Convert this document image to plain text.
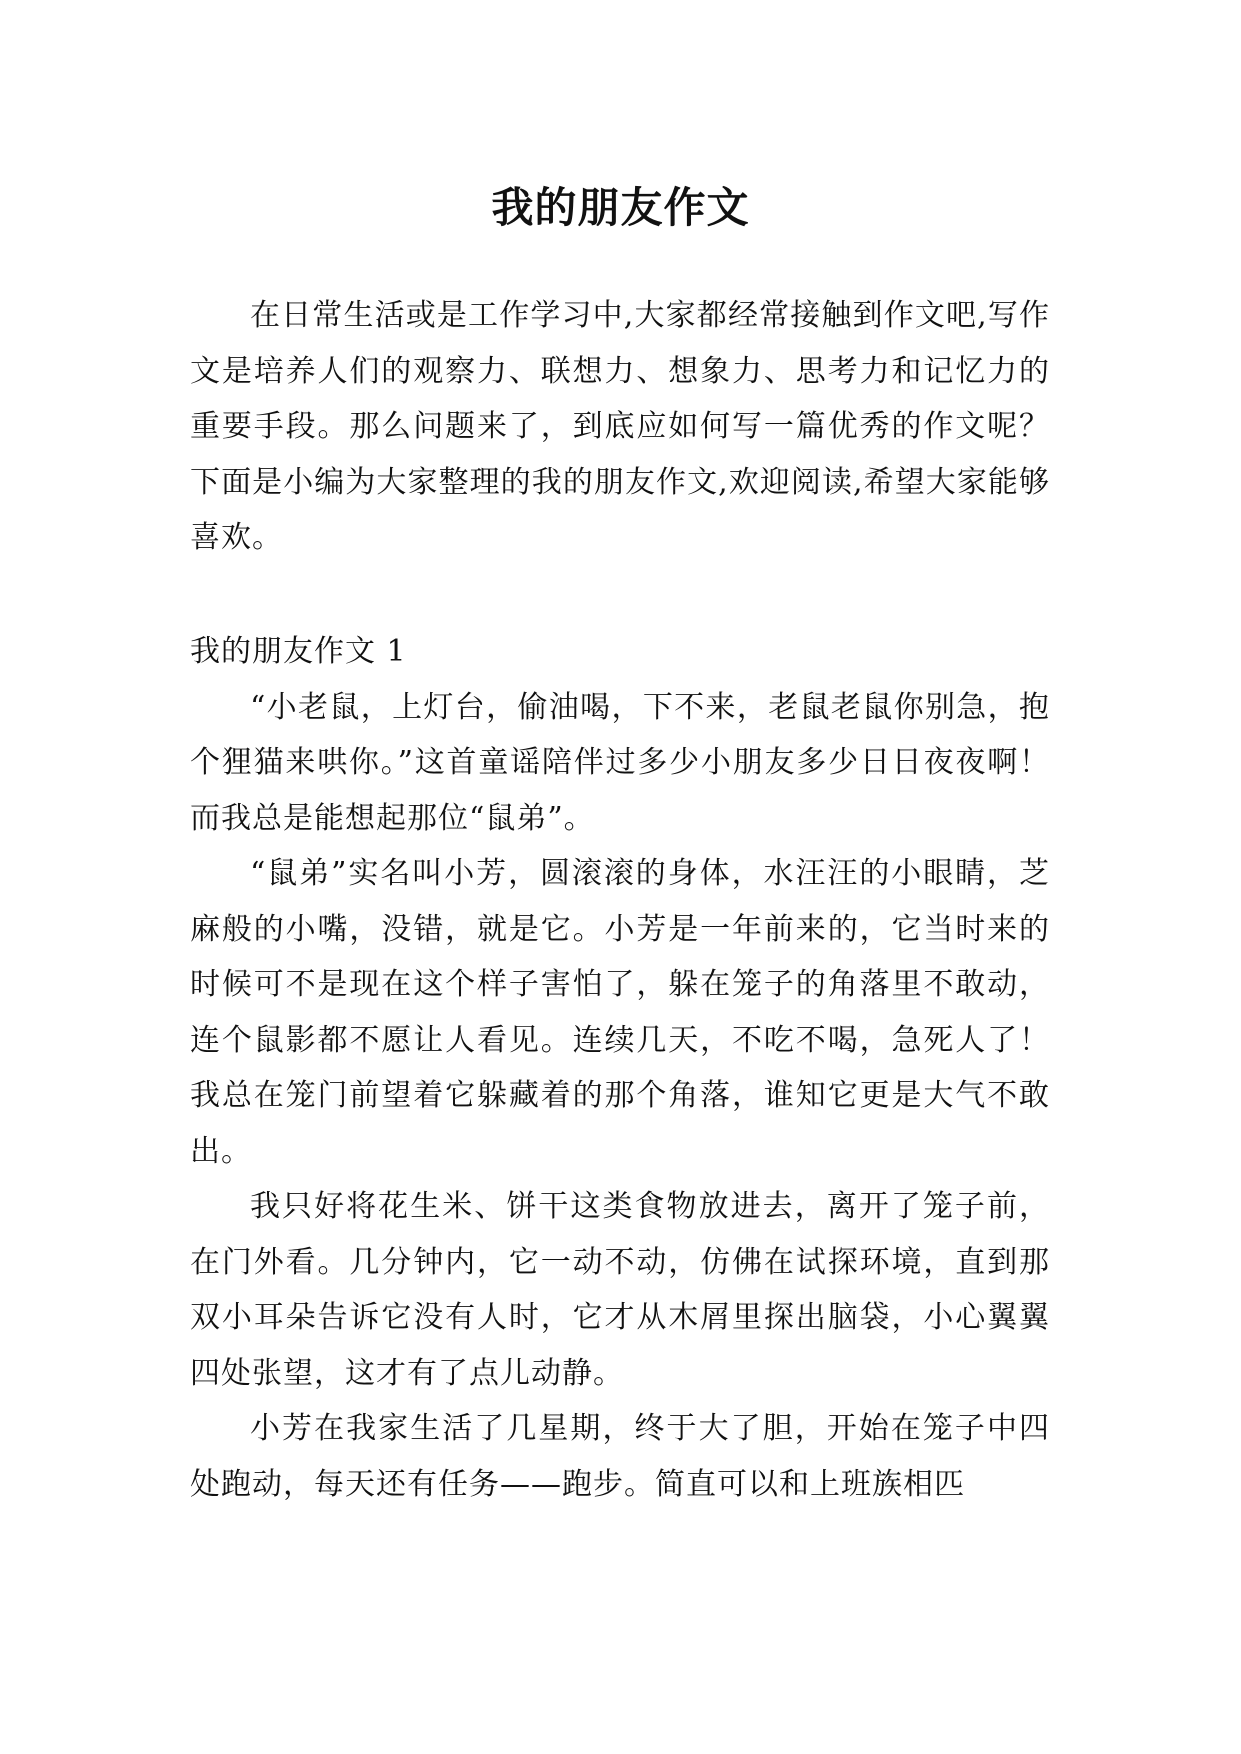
我的朋友作文

在日常生活或是工作学习中,大家都经常接触到作文吧,写作文是培养人们的观察力、联想力、想象力、思考力和记忆力的重要手段。那么问题来了，到底应如何写一篇优秀的作文呢？下面是小编为大家整理的我的朋友作文,欢迎阅读,希望大家能够喜欢。

我的朋友作文 1

“小老鼠，上灯台，偷油喝，下不来，老鼠老鼠你别急，抱个狸猫来哄你。”这首童谣陪伴过多少小朋友多少日日夜夜啊！而我总是能想起那位“鼠弟”。

“鼠弟”实名叫小芳，圆滚滚的身体，水汪汪的小眼睛，芝麻般的小嘴，没错，就是它。小芳是一年前来的，它当时来的时候可不是现在这个样子害怕了，躲在笼子的角落里不敢动，连个鼠影都不愿让人看见。连续几天，不吃不喝，急死人了！我总在笼门前望着它躲藏着的那个角落，谁知它更是大气不敢出。

我只好将花生米、饼干这类食物放进去，离开了笼子前，在门外看。几分钟内，它一动不动，仿佛在试探环境，直到那双小耳朵告诉它没有人时，它才从木屑里探出脑袋，小心翼翼四处张望，这才有了点儿动静。

小芳在我家生活了几星期，终于大了胆，开始在笼子中四处跑动，每天还有任务——跑步。简直可以和上班族相匹
